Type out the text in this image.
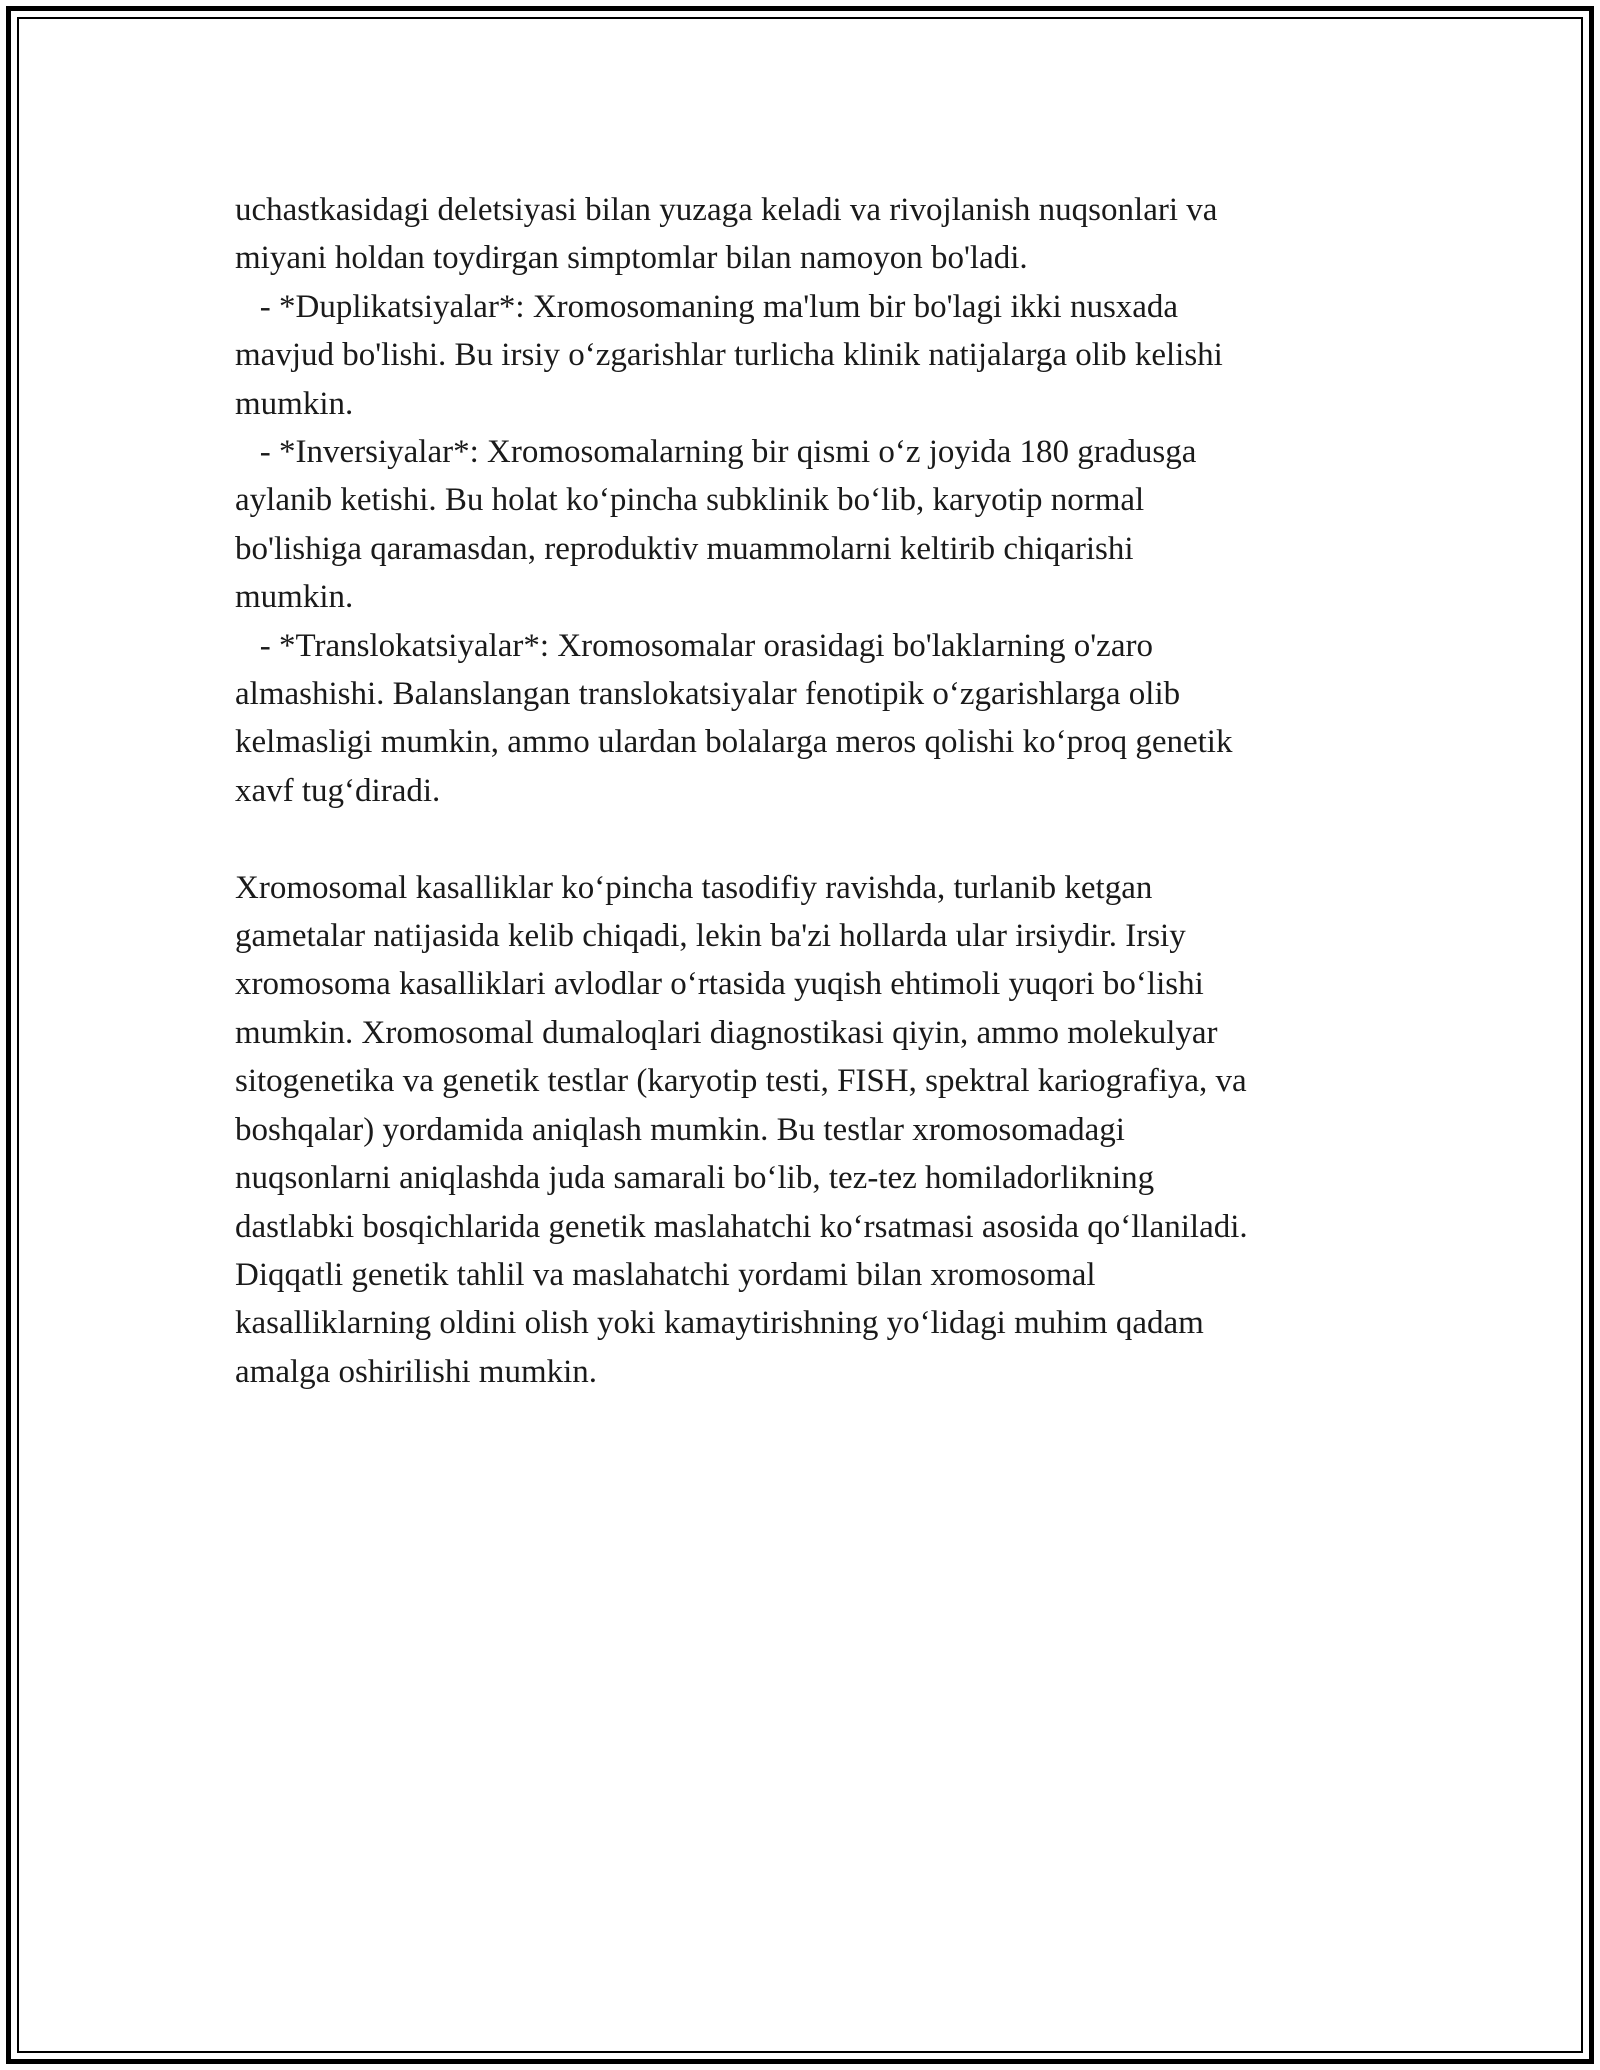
uchastkasidagi deletsiyasi bilan yuzaga keladi va rivojlanish nuqsonlari va
miyani holdan toydirgan simptomlar bilan namoyon bo'ladi.
- *Duplikatsiyalar*: Xromosomaning ma'lum bir bo'lagi ikki nusxada
mavjud bo'lishi. Bu irsiy o‘zgarishlar turlicha klinik natijalarga olib kelishi
mumkin.
- *Inversiyalar*: Xromosomalarning bir qismi o‘z joyida 180 gradusga
aylanib ketishi. Bu holat ko‘pincha subklinik bo‘lib, karyotip normal
bo'lishiga qaramasdan, reproduktiv muammolarni keltirib chiqarishi
mumkin.
- *Translokatsiyalar*: Xromosomalar orasidagi bo'laklarning o'zaro
almashishi. Balanslangan translokatsiyalar fenotipik o‘zgarishlarga olib
kelmasligi mumkin, ammo ulardan bolalarga meros qolishi ko‘proq genetik
xavf tug‘diradi.
Xromosomal kasalliklar ko‘pincha tasodifiy ravishda, turlanib ketgan
gametalar natijasida kelib chiqadi, lekin ba'zi hollarda ular irsiydir. Irsiy
xromosoma kasalliklari avlodlar o‘rtasida yuqish ehtimoli yuqori bo‘lishi
mumkin. Xromosomal dumaloqlari diagnostikasi qiyin, ammo molekulyar
sitogenetika va genetik testlar (karyotip testi, FISH, spektral kariografiya, va
boshqalar) yordamida aniqlash mumkin. Bu testlar xromosomadagi
nuqsonlarni aniqlashda juda samarali bo‘lib, tez-tez homiladorlikning
dastlabki bosqichlarida genetik maslahatchi ko‘rsatmasi asosida qo‘llaniladi.
Diqqatli genetik tahlil va maslahatchi yordami bilan xromosomal
kasalliklarning oldini olish yoki kamaytirishning yo‘lidagi muhim qadam
amalga oshirilishi mumkin.
